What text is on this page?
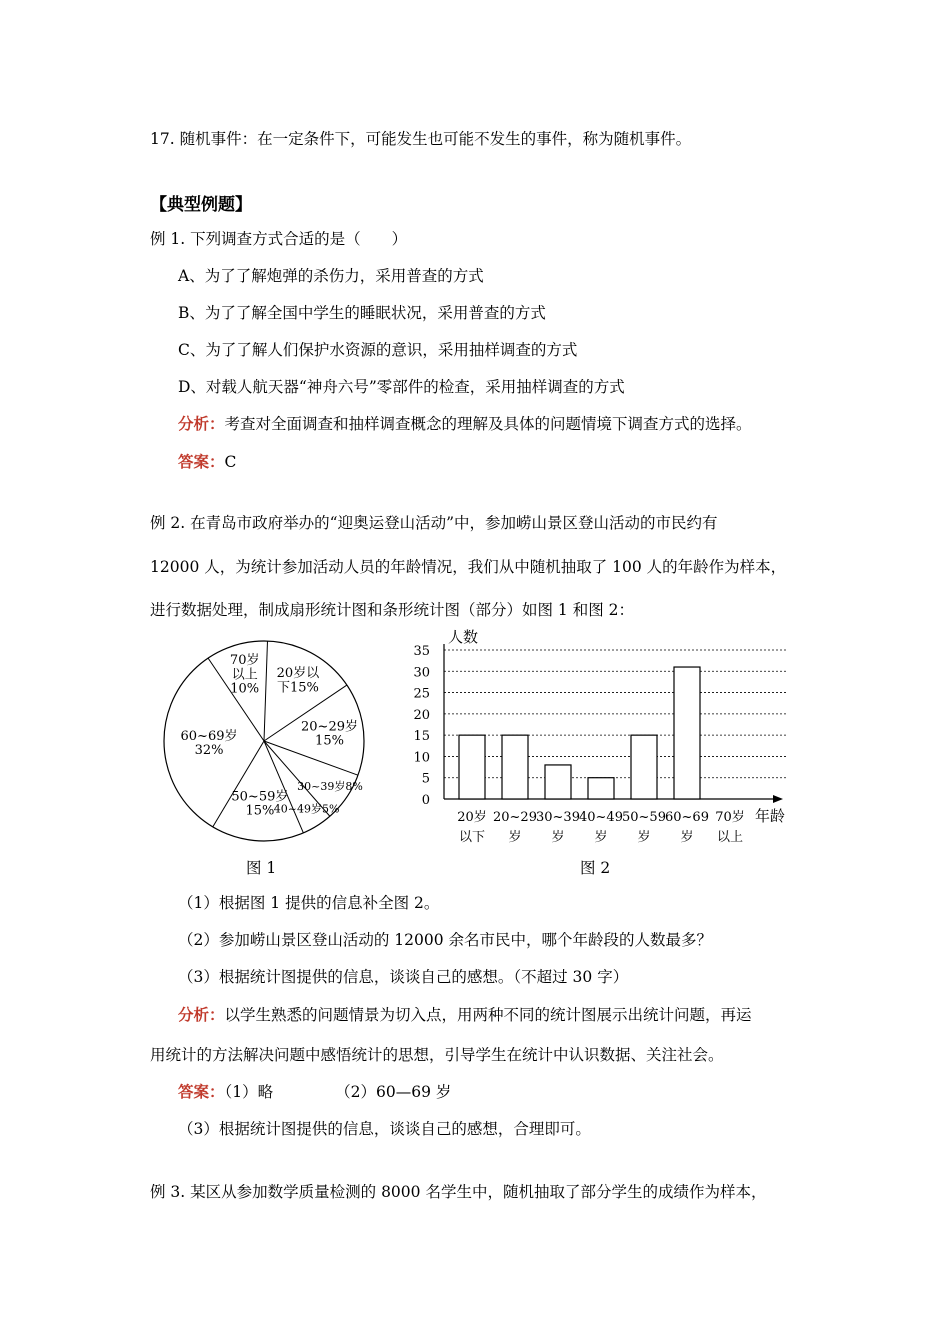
17. 随机事件：在一定条件下，可能发生也可能不发生的事件，称为随机事件。
【典型例题】
例 1. 下列调查方式合适的是（　　）
A、为了了解炮弹的杀伤力，采用普查的方式
B、为了了解全国中学生的睡眠状况，采用普查的方式
C、为了了解人们保护水资源的意识，采用抽样调查的方式
D、对载人航天器“神舟六号”零部件的检查，采用抽样调查的方式
分析：考查对全面调查和抽样调查概念的理解及具体的问题情境下调查方式的选择。
答案：C
例 2. 在青岛市政府举办的“迎奥运登山活动”中，参加崂山景区登山活动的市民约有
12000 人，为统计参加活动人员的年龄情况，我们从中随机抽取了 100 人的年龄作为样本，
进行数据处理，制成扇形统计图和条形统计图（部分）如图 1 和图 2：
20岁以下15%
20~29岁 15%
30~39岁8%
40~49岁5%
50~59岁 15%
60~69岁 32%
70岁以上 10%
图 1
人数
0
5
10
15
20
25
30
35
年龄
20岁
以下
20~29
岁
30~39
岁
40~49
岁
50~59
岁
60~69
岁
70岁
以上
图 2
（1）根据图 1 提供的信息补全图 2。
（2）参加崂山景区登山活动的 12000 余名市民中，哪个年龄段的人数最多？
（3）根据统计图提供的信息，谈谈自己的感想。（不超过 30 字）
分析：以学生熟悉的问题情景为切入点，用两种不同的统计图展示出统计问题，再运
用统计的方法解决问题中感悟统计的思想，引导学生在统计中认识数据、关注社会。
答案：（1）略	（2）60—69 岁
（3）根据统计图提供的信息，谈谈自己的感想，合理即可。
例 3. 某区从参加数学质量检测的 8000 名学生中，随机抽取了部分学生的成绩作为样本，
